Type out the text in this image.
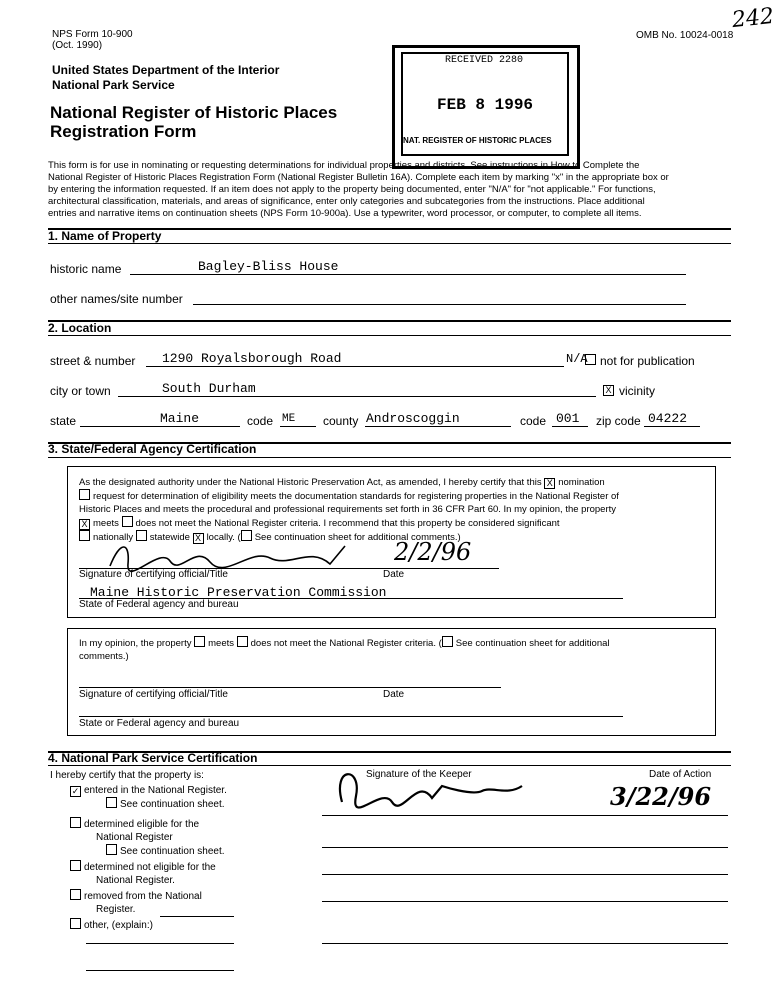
NPS Form 10-900
(Oct. 1990)
OMB No. 10024-0018
242
United States Department of the Interior
National Park Service
National Register of Historic Places
Registration Form
RECEIVED 2280
FEB 8 1996
NAT. REGISTER OF HISTORIC PLACES
This form is for use in nominating or requesting determinations for individual properties and districts. See instructions in How to Complete the
National Register of Historic Places Registration Form (National Register Bulletin 16A). Complete each item by marking "x" in the appropriate box or
by entering the information requested. If an item does not apply to the property being documented, enter "N/A" for "not applicable." For functions,
architectural classification, materials, and areas of significance, enter only categories and subcategories from the instructions. Place additional
entries and narrative items on continuation sheets (NPS Form 10-900a). Use a typewriter, word processor, or computer, to complete all items.
1. Name of Property
historic name	Bagley-Bliss House
other names/site number
2. Location
street & number 1290 Royalsborough Road	N/A not for publication
city or town	South Durham	X vicinity
state	Maine	code ME county Androscoggin	code 001 zip code 04222
3. State/Federal Agency Certification
As the designated authority under the National Historic Preservation Act, as amended, I hereby certify that this X nomination
request for determination of eligibility meets the documentation standards for registering properties in the National Register of
Historic Places and meets the procedural and professional requirements set forth in 36 CFR Part 60. In my opinion, the property
X meets does not meet the National Register criteria. I recommend that this property be considered significant
nationally statewide X locally. ( See continuation sheet for additional comments.)
2/2/96
Signature of certifying official/Title	Date
Maine Historic Preservation Commission
State of Federal agency and bureau
In my opinion, the property meets does not meet the National Register criteria. ( See continuation sheet for additional
comments.)
Signature of certifying official/Title	Date
State or Federal agency and bureau
4. National Park Service Certification
I hereby certify that the property is:	Signature of the Keeper	Date of Action
3/22/96
✓ entered in the National Register.
See continuation sheet.
determined eligible for the
National Register
See continuation sheet.
determined not eligible for the
National Register.
removed from the National
Register.
other, (explain:)
